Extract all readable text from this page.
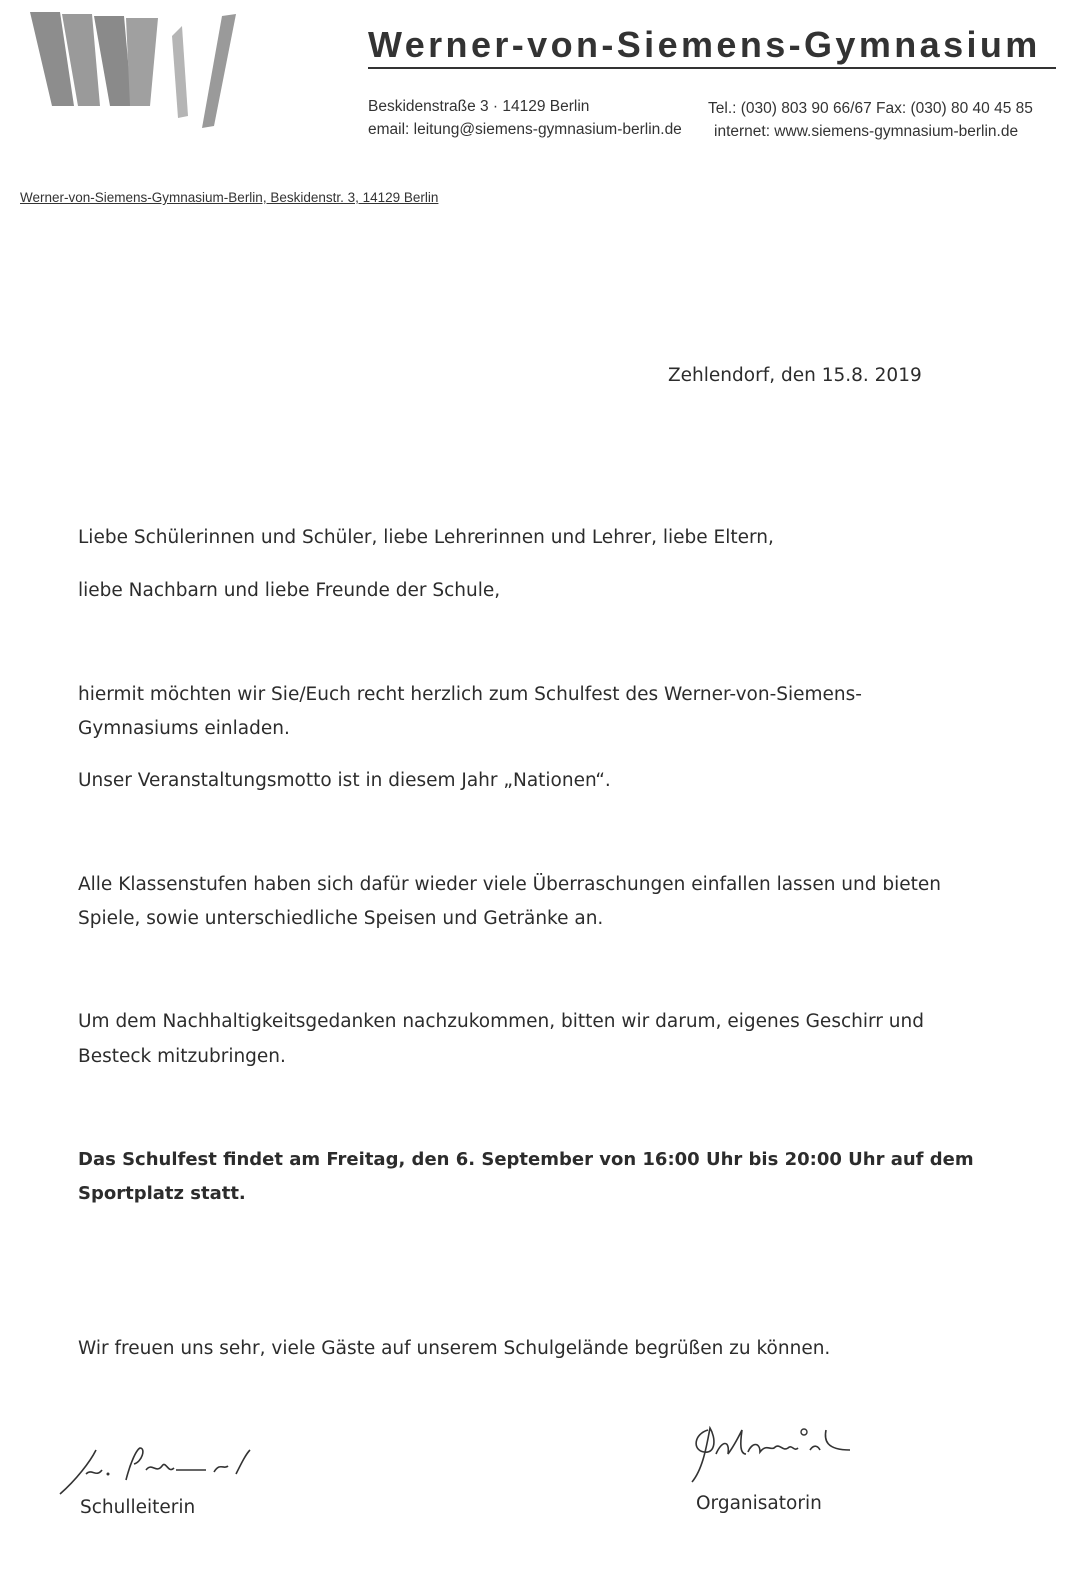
Werner-von-Siemens-Gymnasium
Beskidenstraße 3 · 14129 Berlin
email: leitung@siemens-gymnasium-berlin.de
Tel.: (030) 803 90 66/67 Fax: (030) 80 40 45 85
internet: www.siemens-gymnasium-berlin.de
Werner-von-Siemens-Gymnasium-Berlin, Beskidenstr. 3, 14129 Berlin
Zehlendorf, den 15.8. 2019
Liebe Schülerinnen und Schüler, liebe Lehrerinnen und Lehrer, liebe Eltern,
liebe Nachbarn und liebe Freunde der Schule,
hiermit möchten wir Sie/Euch recht herzlich zum Schulfest des Werner-von-Siemens-
Gymnasiums einladen.
Unser Veranstaltungsmotto ist in diesem Jahr „Nationen“.
Alle Klassenstufen haben sich dafür wieder viele Überraschungen einfallen lassen und bieten
Spiele, sowie unterschiedliche Speisen und Getränke an.
Um dem Nachhaltigkeitsgedanken nachzukommen, bitten wir darum, eigenes Geschirr und
Besteck mitzubringen.
Das Schulfest findet am Freitag, den 6. September von 16:00 Uhr bis 20:00 Uhr auf dem
Sportplatz statt.
Wir freuen uns sehr, viele Gäste auf unserem Schulgelände begrüßen zu können.
Schulleiterin	Organisatorin
